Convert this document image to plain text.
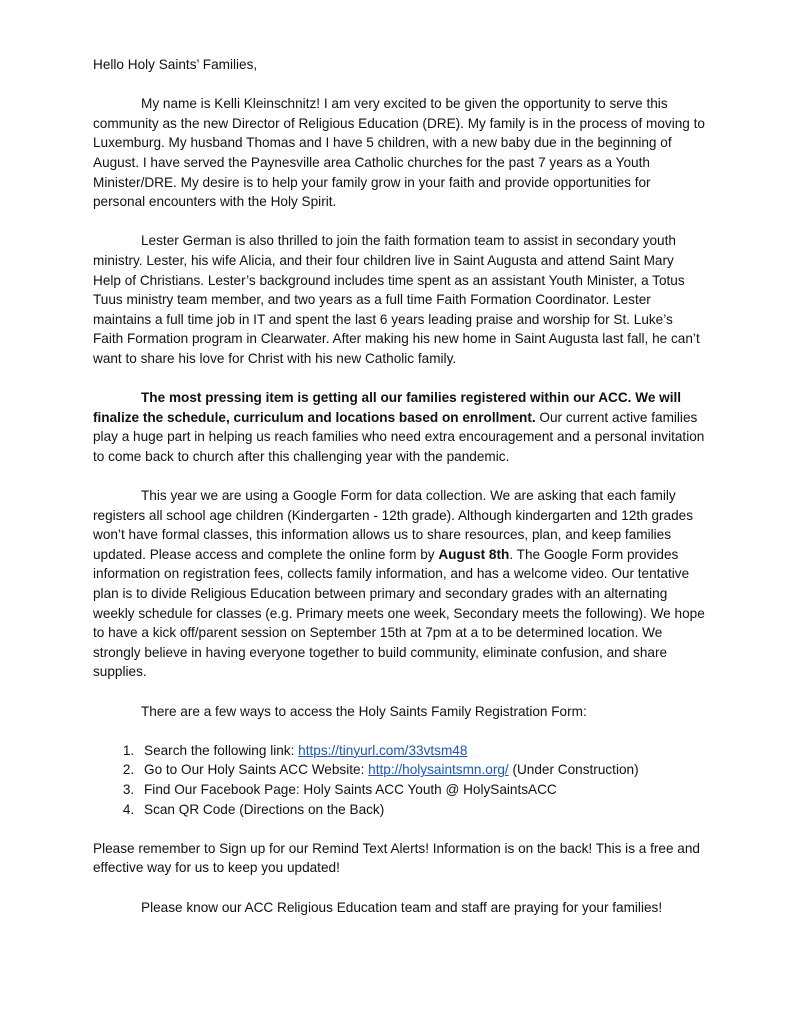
Hello Holy Saints’ Families,

My name is Kelli Kleinschnitz! I am very excited to be given the opportunity to serve this community as the new Director of Religious Education (DRE). My family is in the process of moving to Luxemburg. My husband Thomas and I have 5 children, with a new baby due in the beginning of August. I have served the Paynesville area Catholic churches for the past 7 years as a Youth Minister/DRE. My desire is to help your family grow in your faith and provide opportunities for personal encounters with the Holy Spirit.

Lester German is also thrilled to join the faith formation team to assist in secondary youth ministry. Lester, his wife Alicia, and their four children live in Saint Augusta and attend Saint Mary Help of Christians. Lester’s background includes time spent as an assistant Youth Minister, a Totus Tuus ministry team member, and two years as a full time Faith Formation Coordinator. Lester maintains a full time job in IT and spent the last 6 years leading praise and worship for St. Luke’s Faith Formation program in Clearwater. After making his new home in Saint Augusta last fall, he can’t want to share his love for Christ with his new Catholic family.

The most pressing item is getting all our families registered within our ACC. We will finalize the schedule, curriculum and locations based on enrollment. Our current active families play a huge part in helping us reach families who need extra encouragement and a personal invitation to come back to church after this challenging year with the pandemic.

This year we are using a Google Form for data collection. We are asking that each family registers all school age children (Kindergarten - 12th grade). Although kindergarten and 12th grades won’t have formal classes, this information allows us to share resources, plan, and keep families updated. Please access and complete the online form by August 8th. The Google Form provides information on registration fees, collects family information, and has a welcome video. Our tentative plan is to divide Religious Education between primary and secondary grades with an alternating weekly schedule for classes (e.g. Primary meets one week, Secondary meets the following). We hope to have a kick off/parent session on September 15th at 7pm at a to be determined location. We strongly believe in having everyone together to build community, eliminate confusion, and share supplies.

There are a few ways to access the Holy Saints Family Registration Form:

1. Search the following link: https://tinyurl.com/33vtsm48
2. Go to Our Holy Saints ACC Website: http://holysaintsmn.org/ (Under Construction)
3. Find Our Facebook Page: Holy Saints ACC Youth @ HolySaintsACC
4. Scan QR Code (Directions on the Back)

Please remember to Sign up for our Remind Text Alerts! Information is on the back! This is a free and effective way for us to keep you updated!

Please know our ACC Religious Education team and staff are praying for your families!
